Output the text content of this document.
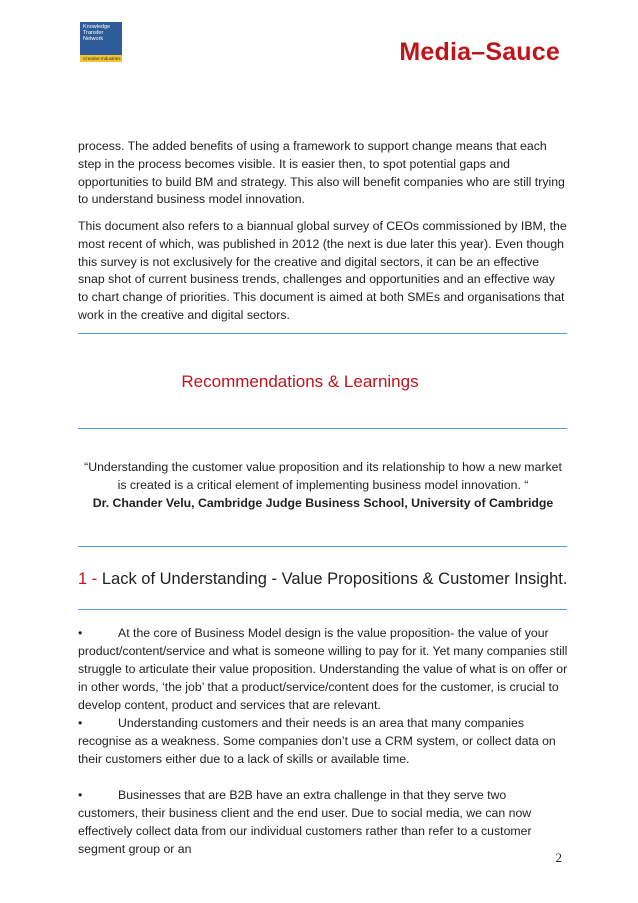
Knowledge
Transfer
Network
Creative Industries	Media–Sauce
process. The added benefits of using a framework to support change means that each step in the process becomes visible. It is easier then, to spot potential gaps and opportunities to build BM and strategy. This also will benefit companies who are still trying to understand business model innovation.
This document also refers to a biannual global survey of CEOs commissioned by IBM, the most recent of which, was published in 2012 (the next is due later this year). Even though this survey is not exclusively for the creative and digital sectors, it can be an effective snap shot of current business trends, challenges and opportunities and an effective way to chart change of priorities. This document is aimed at both SMEs and organisations that work in the creative and digital sectors.
Recommendations & Learnings
“Understanding the customer value proposition and its relationship to how a new market is created is a critical element of implementing business model innovation. “
Dr. Chander Velu, Cambridge Judge Business School, University of Cambridge
1 - Lack of Understanding - Value Propositions & Customer Insight.
•	At the core of Business Model design is the value proposition- the value of your product/content/service and what is someone willing to pay for it. Yet many companies still struggle to articulate their value proposition. Understanding the value of what is on offer or in other words, ‘the job’ that a product/service/content does for the customer, is crucial to develop content, product and services that are relevant.
•	Understanding customers and their needs is an area that many companies recognise as a weakness. Some companies don’t use a CRM system, or collect data on their customers either due to a lack of skills or available time.
•	Businesses that are B2B have an extra challenge in that they serve two customers, their business client and the end user. Due to social media, we can now effectively collect data from our individual customers rather than refer to a customer segment group or an
2
